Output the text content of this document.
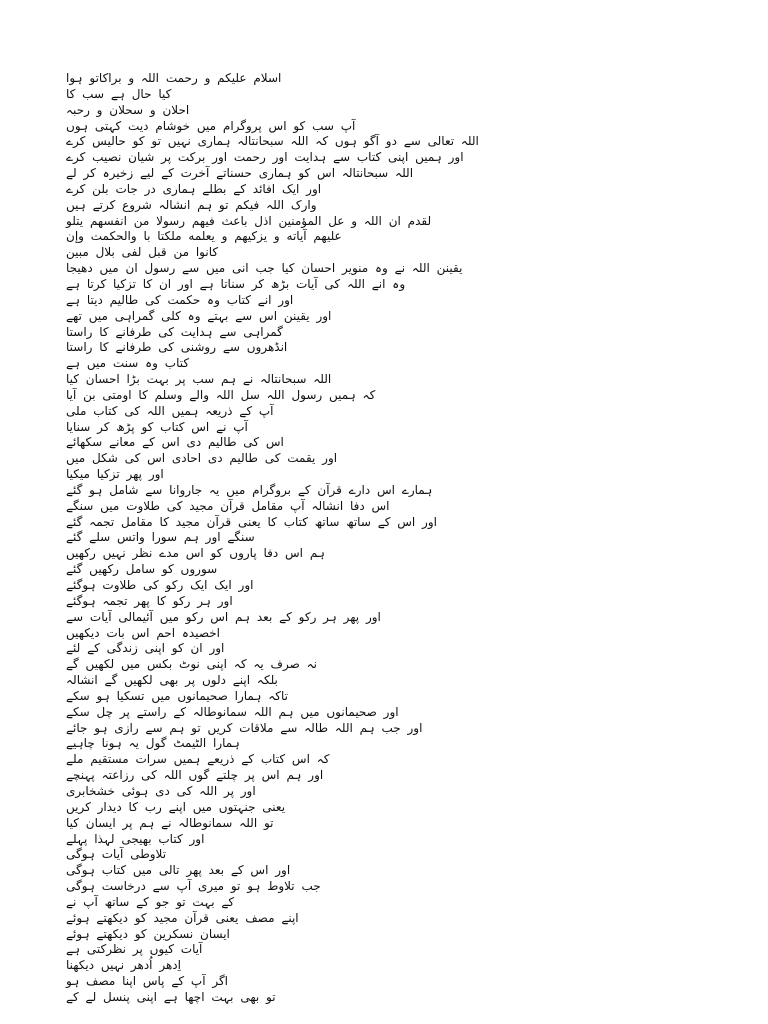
اسلام علیکم و رحمت اللہ و براکاتو ہوا
کیا حال ہے سب کا
احلان و سحلان و رحبہ
آپ سب کو اس پروگرام میں خوشام دیت کہتی ہوں
اللہ تعالی سے دو آگو ہوں کہ اللہ سبحانتالہ ہماری نہیں تو کو حالیس کرے
اور ہمیں اپنی کتاب سے ہدایت اور رحمت اور برکت پر شیان نصیب کرے
اللہ سبحانتالہ اس کو ہماری حسناتے آخرت کے لیے زخیرہ کر لے
اور ایک افائد کے بطلے ہماری در جات بلن کرے
وارک اللہ فیکم تو ہم انشالہ شروع کرتے ہیں
لقدم ان اللہ و عل المؤمنین اذل باعث فیهم رسولا من انفسهم یتلو
علیهم آیاته و یزکیهم و یعلمه ملکتا با والحکمت وإن
کانوا من قبل لفی بلال مبین
یقینن اللہ نے وہ منویر احسان کیا جب انی میں سے رسول ان میں دھیجا
وہ انے اللہ کی آیات بڑھ کر سناتا ہے اور ان کا تزکیا کرتا ہے
اور انے کتاب وہ حکمت کی طالیم دیتا ہے
اور یقینن اس سے بہتے وہ کلی گمراہی میں تھے
گمراہی سے ہدایت کی طرفانے کا راستا
انڈھروں سے روشنی کی طرفانے کا راستا
کتاب وہ سنت میں ہے
اللہ سبحانتالہ نے ہم سب پر بہت بڑا احسان کیا
کہ ہمیں رسول اللہ سل اللہ والے وسلم کا اومتی بن آیا
آپ کے ذریعہ ہمیں اللہ کی کتاب ملی
آپ نے اس کتاب کو پڑھ کر سنایا
اس کی طالیم دی اس کے معانے سکھائے
اور یقمت کی طالیم دی احادی اس کی شکل میں
اور پھر تزکیا میکیا
ہمارے اس دارے قرآن کے بروگرام میں یہ جاروانا سے شامل ہو گئے
اس دفا انشالہ آپ مقامل قرآن مجید کی طلاوت میں سنگے
اور اس کے ساتھ ساتھ کتاب کا یعنی قرآن مجید کا مقامل تجمہ گئے
سنگے اور ہم سورا واتس سلے گئے
ہم اس دفا پاروں کو اس مدے نظر نہیں رکھیں
سوروں کو سامل رکھیں گئے
اور ایک ایک رکو کی طلاوت ہوگئے
اور ہر رکو کا پھر تجمہ ہوگئے
اور پھر ہر رکو کے بعد ہم اس رکو میں آئیمالی آیات سے
اخصیدہ احم اس بات دیکھیں
اور ان کو اپنی زندگی کے لئے
نہ صرف یہ کہ اپنی نوٹ بکس میں لکھیں گے
بلکہ اپنے دلوں پر بھی لکھیں گے انشالہ
تاکہ ہمارا صحیمانوں میں تسکیا ہو سکے
اور صحیمانوں میں ہم اللہ سمانوطالہ کے راستے پر چل سکے
اور جب ہم اللہ طالہ سے ملاقات کریں تو ہم سے رازی ہو جائے
ہمارا الٹیمٹ گول یہ ہونا چاہیے
کہ اس کتاب کے ذریعے ہمیں سرات مستقیم ملے
اور ہم اس پر چلتے گوں اللہ کی رزاعتہ پہنچے
اور پر اللہ کی دی ہوئی خشخابری
یعنی جنہتوں میں اپنے رب کا دیدار کریں
تو اللہ سمانوطالہ نے ہم پر ایسان کیا
اور کتاب بھیجی لہذا پہلے
تلاوطی آیات ہوگی
اور اس کے بعد پھر تالی میں کتاب ہوگی
جب تلاوط ہو تو میری آپ سے درخاست ہوگی
کے بہت تو جو کے ساتھ آپ نے
اپنے مصف یعنی قرآن مجید کو دیکھتے ہوئے
ایسان نسکرین کو دیکھتے ہوئے
آیات کیوں پر نظرکتی ہے
اِدھر اُدھر نہیں دیکھنا
اگر آپ کے پاس اپنا مصف ہو
تو بھی بہت اچھا ہے اپنی پنسل لے کے
